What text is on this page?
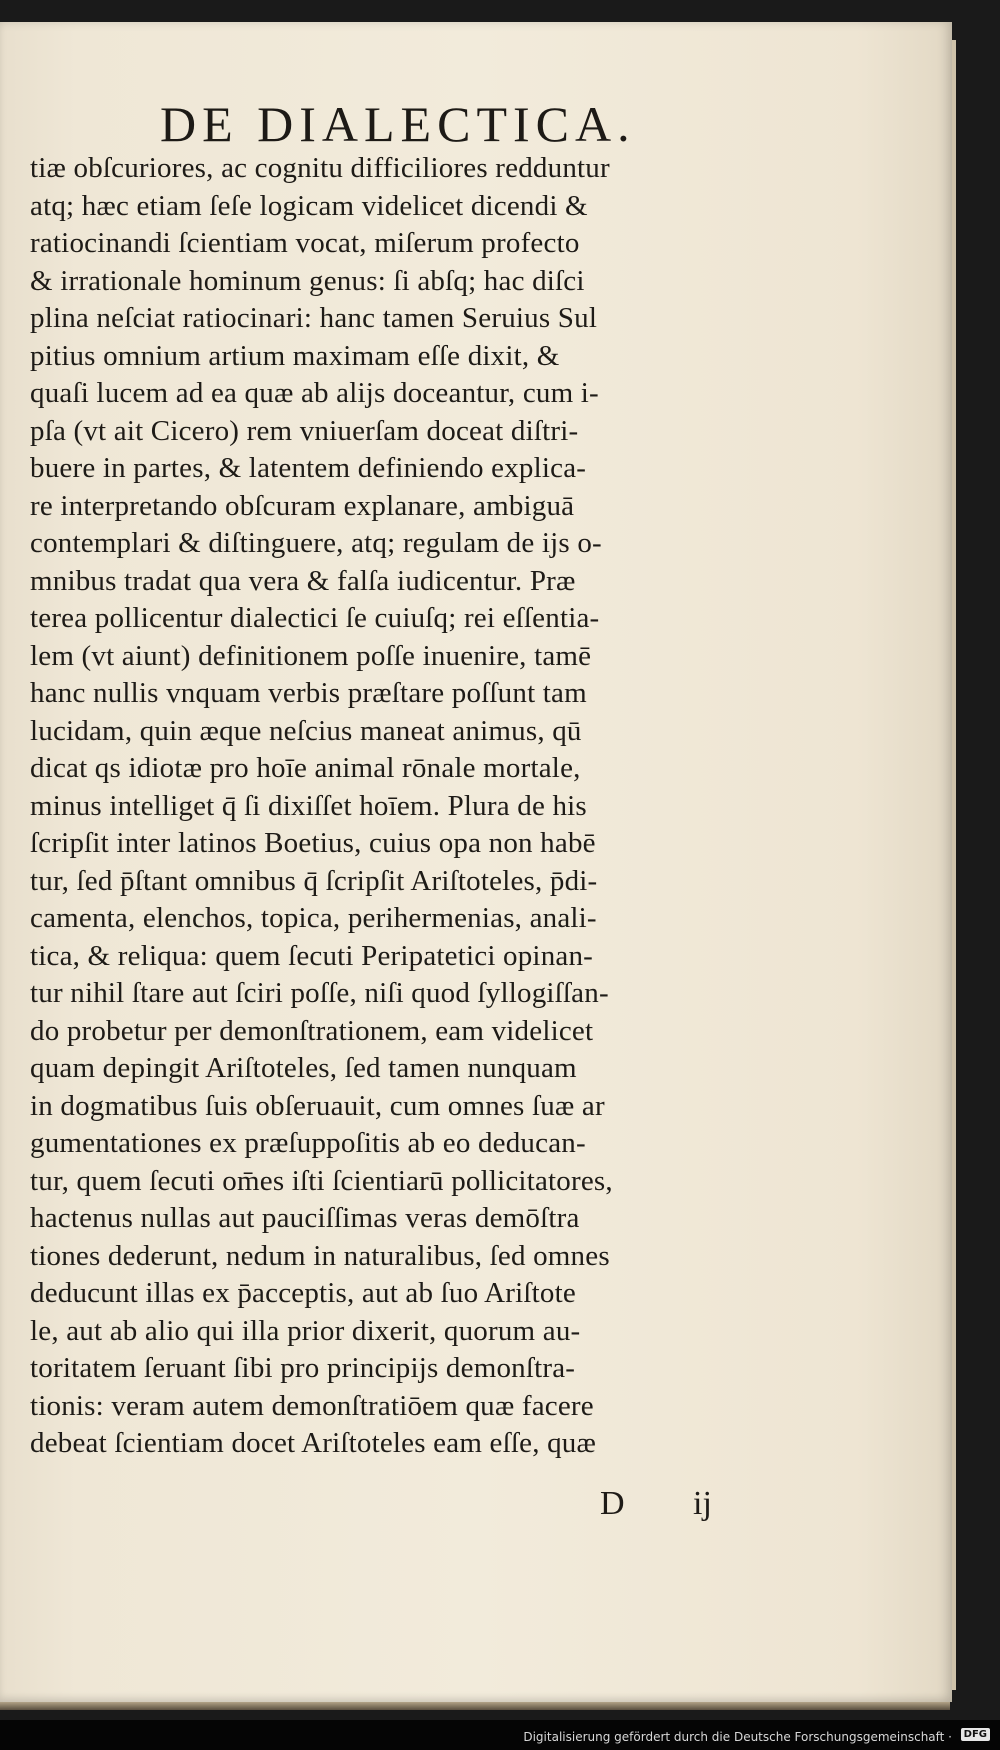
DE DIALECTICA.
tiæ obſcuriores, ac cognitu difficiliores redduntur
atq; hæc etiam ſeſe logicam videlicet dicendi &
ratiocinandi ſcientiam vocat, miſerum profecto
& irrationale hominum genus: ſi abſq; hac diſci
plina neſciat ratiocinari: hanc tamen Seruius Sul
pitius omnium artium maximam eſſe dixit, &
quaſi lucem ad ea quæ ab alijs doceantur, cum i-
pſa (vt ait Cicero) rem vniuerſam doceat diſtri-
buere in partes, & latentem definiendo explica-
re interpretando obſcuram explanare, ambiguā
contemplari & diſtinguere, atq; regulam de ijs o-
mnibus tradat qua vera & falſa iudicentur. Præ
terea pollicentur dialectici ſe cuiuſq; rei eſſentia-
lem (vt aiunt) definitionem poſſe inuenire, tamē
hanc nullis vnquam verbis præſtare poſſunt tam
lucidam, quin æque neſcius maneat animus, qū
dicat qs idiotæ pro hoīe animal rōnale mortale,
minus intelliget q̄ ſi dixiſſet hoīem. Plura de his
ſcripſit inter latinos Boetius, cuius opa non habē
tur, ſed p̄ſtant omnibus q̄ ſcripſit Ariſtoteles, p̄di-
camenta, elenchos, topica, perihermenias, anali-
tica, & reliqua: quem ſecuti Peripatetici opinan-
tur nihil ſtare aut ſciri poſſe, niſi quod ſyllogiſſan-
do probetur per demonſtrationem, eam videlicet
quam depingit Ariſtoteles, ſed tamen nunquam
in dogmatibus ſuis obſeruauit, cum omnes ſuæ ar
gumentationes ex præſuppoſitis ab eo deducan-
tur, quem ſecuti om̄es iſti ſcientiarū pollicitatores,
hactenus nullas aut pauciſſimas veras demōſtra
tiones dederunt, nedum in naturalibus, ſed omnes
deducunt illas ex p̄acceptis, aut ab ſuo Ariſtote
le, aut ab alio qui illa prior dixerit, quorum au-
toritatem ſeruant ſibi pro principijs demonſtra-
tionis: veram autem demonſtratiōem quæ facere
debeat ſcientiam docet Ariſtoteles eam eſſe, quæ
D ij
Digitalisierung gefördert durch die Deutsche Forschungsgemeinschaft ·	DFG
